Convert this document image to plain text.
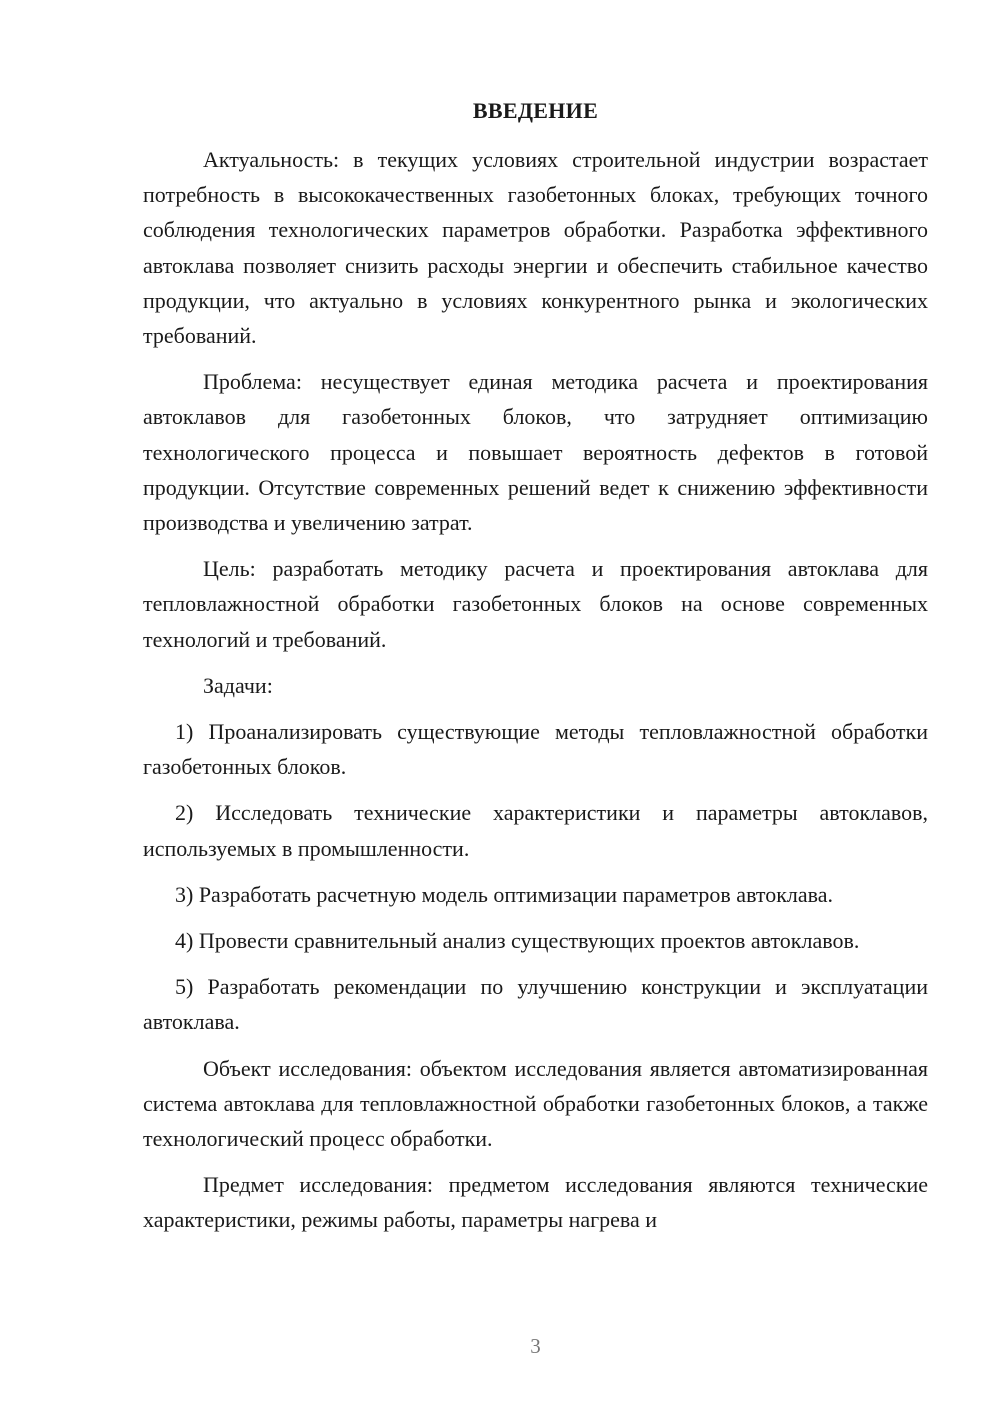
ВВЕДЕНИЕ

Актуальность: в текущих условиях строительной индустрии возрастает потребность в высококачественных газобетонных блоках, требующих точного соблюдения технологических параметров обработки. Разработка эффективного автоклава позволяет снизить расходы энергии и обеспечить стабильное качество продукции, что актуально в условиях конкурентного рынка и экологических требований.

Проблема: несуществует единая методика расчета и проектирования автоклавов для газобетонных блоков, что затрудняет оптимизацию технологического процесса и повышает вероятность дефектов в готовой продукции. Отсутствие современных решений ведет к снижению эффективности производства и увеличению затрат.

Цель: разработать методику расчета и проектирования автоклава для тепловлажностной обработки газобетонных блоков на основе современных технологий и требований.

Задачи:

1) Проанализировать существующие методы тепловлажностной обработки газобетонных блоков.

2) Исследовать технические характеристики и параметры автоклавов, используемых в промышленности.

3) Разработать расчетную модель оптимизации параметров автоклава.

4) Провести сравнительный анализ существующих проектов автоклавов.

5) Разработать рекомендации по улучшению конструкции и эксплуатации автоклава.

Объект исследования: объектом исследования является автоматизированная система автоклава для тепловлажностной обработки газобетонных блоков, а также технологический процесс обработки.

Предмет исследования: предметом исследования являются технические характеристики, режимы работы, параметры нагрева и

3
